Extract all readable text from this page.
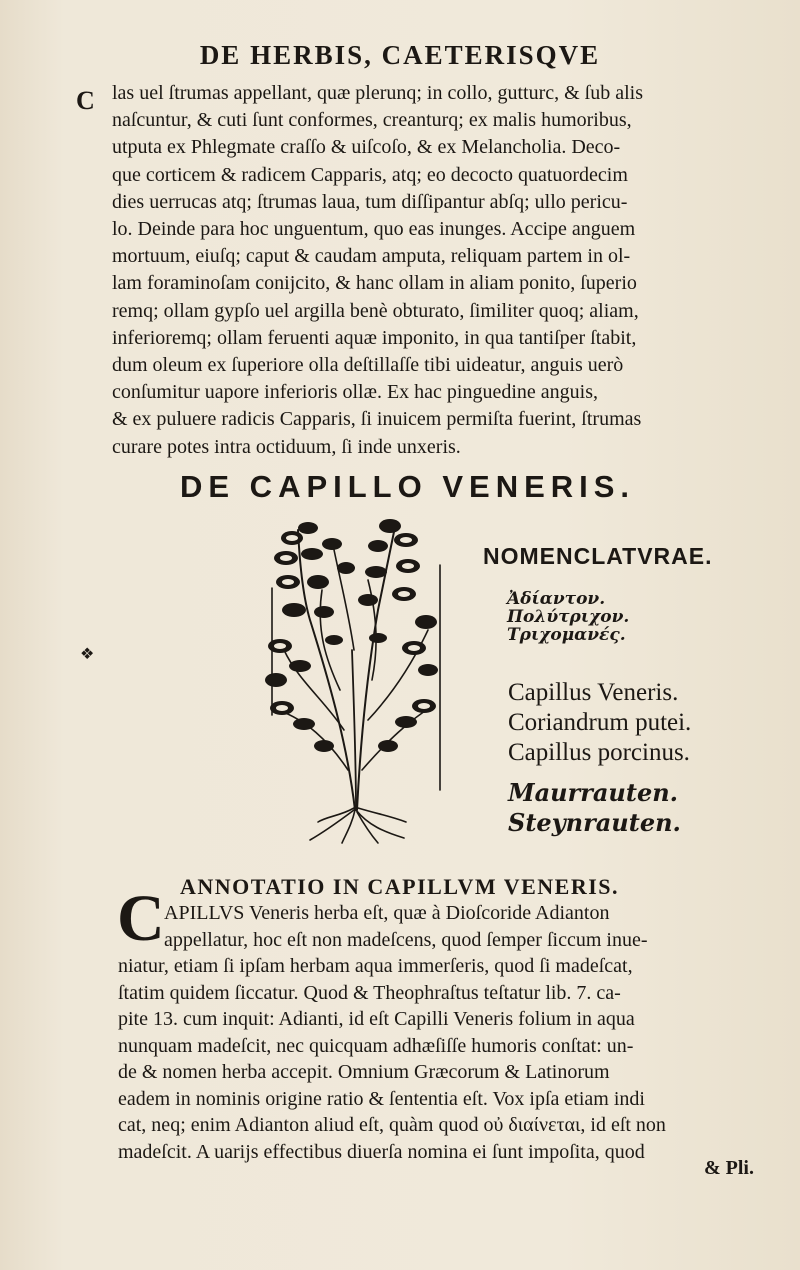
DE HERBIS, CAETERISQVE
C las uel ſtrumas appellant, quæ plerunq; in collo, gutturc, & ſub alis

naſcuntur, & cuti ſunt conformes, creanturq; ex malis humoribus,

utputa ex Phlegmate craſſo & uiſcoſo, & ex Melancholia. Deco-

que corticem & radicem Capparis, atq; eo decocto quatuordecim

dies uerrucas atq; ſtrumas laua, tum diſſipantur abſq; ullo pericu-

lo. Deinde para hoc unguentum, quo eas inunges. Accipe anguem

mortuum, eiuſq; caput & caudam amputa, reliquam partem in ol-

lam foraminoſam conijcito, & hanc ollam in aliam ponito, ſuperio

remq; ollam gypſo uel argilla benè obturato, ſimiliter quoq; aliam,

inferioremq; ollam feruenti aquæ imponito, in qua tantiſper ſtabit,

dum oleum ex ſuperiore olla deſtillaſſe tibi uideatur, anguis uerò

conſumitur uapore inferioris ollæ. Ex hac pinguedine anguis,

& ex puluere radicis Capparis, ſi inuicem permiſta fuerint, ſtrumas

curare potes intra octiduum, ſi inde unxeris.

DE CAPILLO VENERIS.
NOMENCLATVRAE.
Ἀδίαντον.
Πολύτριχον.
Τριχομανές.
Capillus Veneris.
Coriandrum putei.
Capillus porcinus.
Maurrauten.
Steynrauten.
ANNOTATIO IN CAPILLVM VENERIS.
C APILLVS Veneris herba eſt, quæ à Dioſcoride Adianton

appellatur, hoc eſt non madeſcens, quod ſemper ſiccum inue-

niatur, etiam ſi ipſam herbam aqua immerſeris, quod ſi madeſcat,

ſtatim quidem ſiccatur. Quod & Theophraſtus teſtatur lib. 7. ca-

pite 13. cum inquit: Adianti, id eſt Capilli Veneris folium in aqua

nunquam madeſcit, nec quicquam adhæſiſſe humoris conſtat: un-

de & nomen herba accepit. Omnium Græcorum & Latinorum

eadem in nominis origine ratio & ſententia eſt. Vox ipſa etiam indi

cat, neq; enim Adianton aliud eſt, quàm quod οὐ διαίνεται, id eſt non

madeſcit. A uarijs effectibus diuerſa nomina ei ſunt impoſita, quod

& Pli.
❖
